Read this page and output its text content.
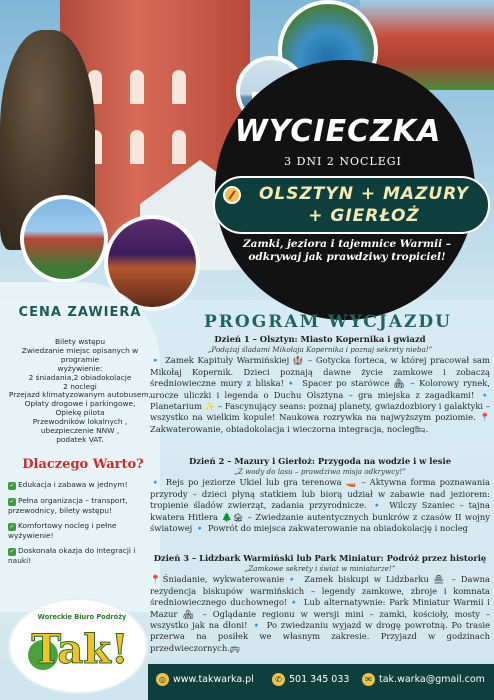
WYCIECZKA
3 DNI 2 NOCLEGI
OLSZTYN + MAZURY
+ GIERŁOŻ
Zamki, jeziora i tajemnice Warmii – odkrywaj jak prawdziwy tropiciel!
CENA ZAWIERA
Bilety wstępu
Zwiedzanie miejsc opisanych w programie
wyżywienie:
2 śniadania,2 obiadokolacje
2 noclegi
Przejazd klimatyzowanym autobusem, Opłaty drogowe i parkingowe,
Opiekę pilota
Przewodników lokalnych , ubezpieczenie NNW ,
podatek VAT.
Dlaczego Warto?
✓ Edukacja i zabawa w jednym!
✓ Pełna organizacja – transport, przewodnicy, bilety wstępu!
✓ Komfortowy nocleg i pełne wyżywienie!
✓ Doskonała okazja do integracji i nauki!
PROGRAM WYCJAZDU
Dzień 1 – Olsztyn: Miasto Kopernika i gwiazd
„Podążaj śladami Mikołaja Kopernika i poznaj sekrety nieba!”

🔹 Zamek Kapituły Warmińskiej 🏰 – Gotycka forteca, w której pracował sam Mikołaj Kopernik. Dzieci poznają dawne życie zamkowe i zobaczą średniowieczne mury z bliska!🔹 Spacer po starówce 🏘 – Kolorowy rynek, urocze uliczki i legenda o Duchu Olsztyna – gra miejska z zagadkami! 🔹 Planetarium ✨ – Fascynujący seans: poznaj planety, gwiazdozbiory i galaktyki – wszystko na wielkim kopule! Naukowa rozrywka na najwyższym poziomie. 📍 Zakwaterowanie, obiadokolacja i wieczorna integracja, nocleg🛏.

Dzień 2 – Mazury i Gierłoż: Przygoda na wodzie i w lesie
„Z wody do lasu – prawdziwa misja odkrywcy!”

🔹 Rejs po jeziorze Ukiel lub gra terenowa 🚤 – Aktywna forma poznawania przyrody – dzieci płyną statkiem lub biorą udział w zabawie nad jeziorem: tropienie śladów zwierząt, zadania przyrodnicze. 🔹 Wilczy Szaniec – tajna kwatera Hitlera 🌲🏚 – Zwiedzanie autentycznych bunkrów z czasów II wojny światowej 🔹 Powrót do miejsca zakwaterowanie na obiadokolację i nocleg

Dzień 3 – Lidzbark Warmiński lub Park Miniatur: Podróż przez historię
„Zamkowe sekrety i świat w miniaturze!”

📍Śniadanie, wykwaterowanie🔹 Zamek biskupi w Lidzbarku 🏯 – Dawna rezydencja biskupów warmińskich – legendy zamkowe, zbroje i komnata średniowiecznego duchownego!🔹 Lub alternatywnie: Park Miniatur Warmii i Mazur 🏘 – Oglądanie regionu w wersji mini – zamki, kościoły, mosty – wszystko jak na dłoni! 🔹 Po zwiedzaniu wyjazd w drogę powrotną. Po trasie przerwa na posiłek we własnym zakresie. Przyjazd w godzinach przedwieczornych.🚌

Woreckie Biuro Podróży
Tak!
◎ www.takwarka.pl	✆ 501 345 033	✉ tak.warka@gmail.com
